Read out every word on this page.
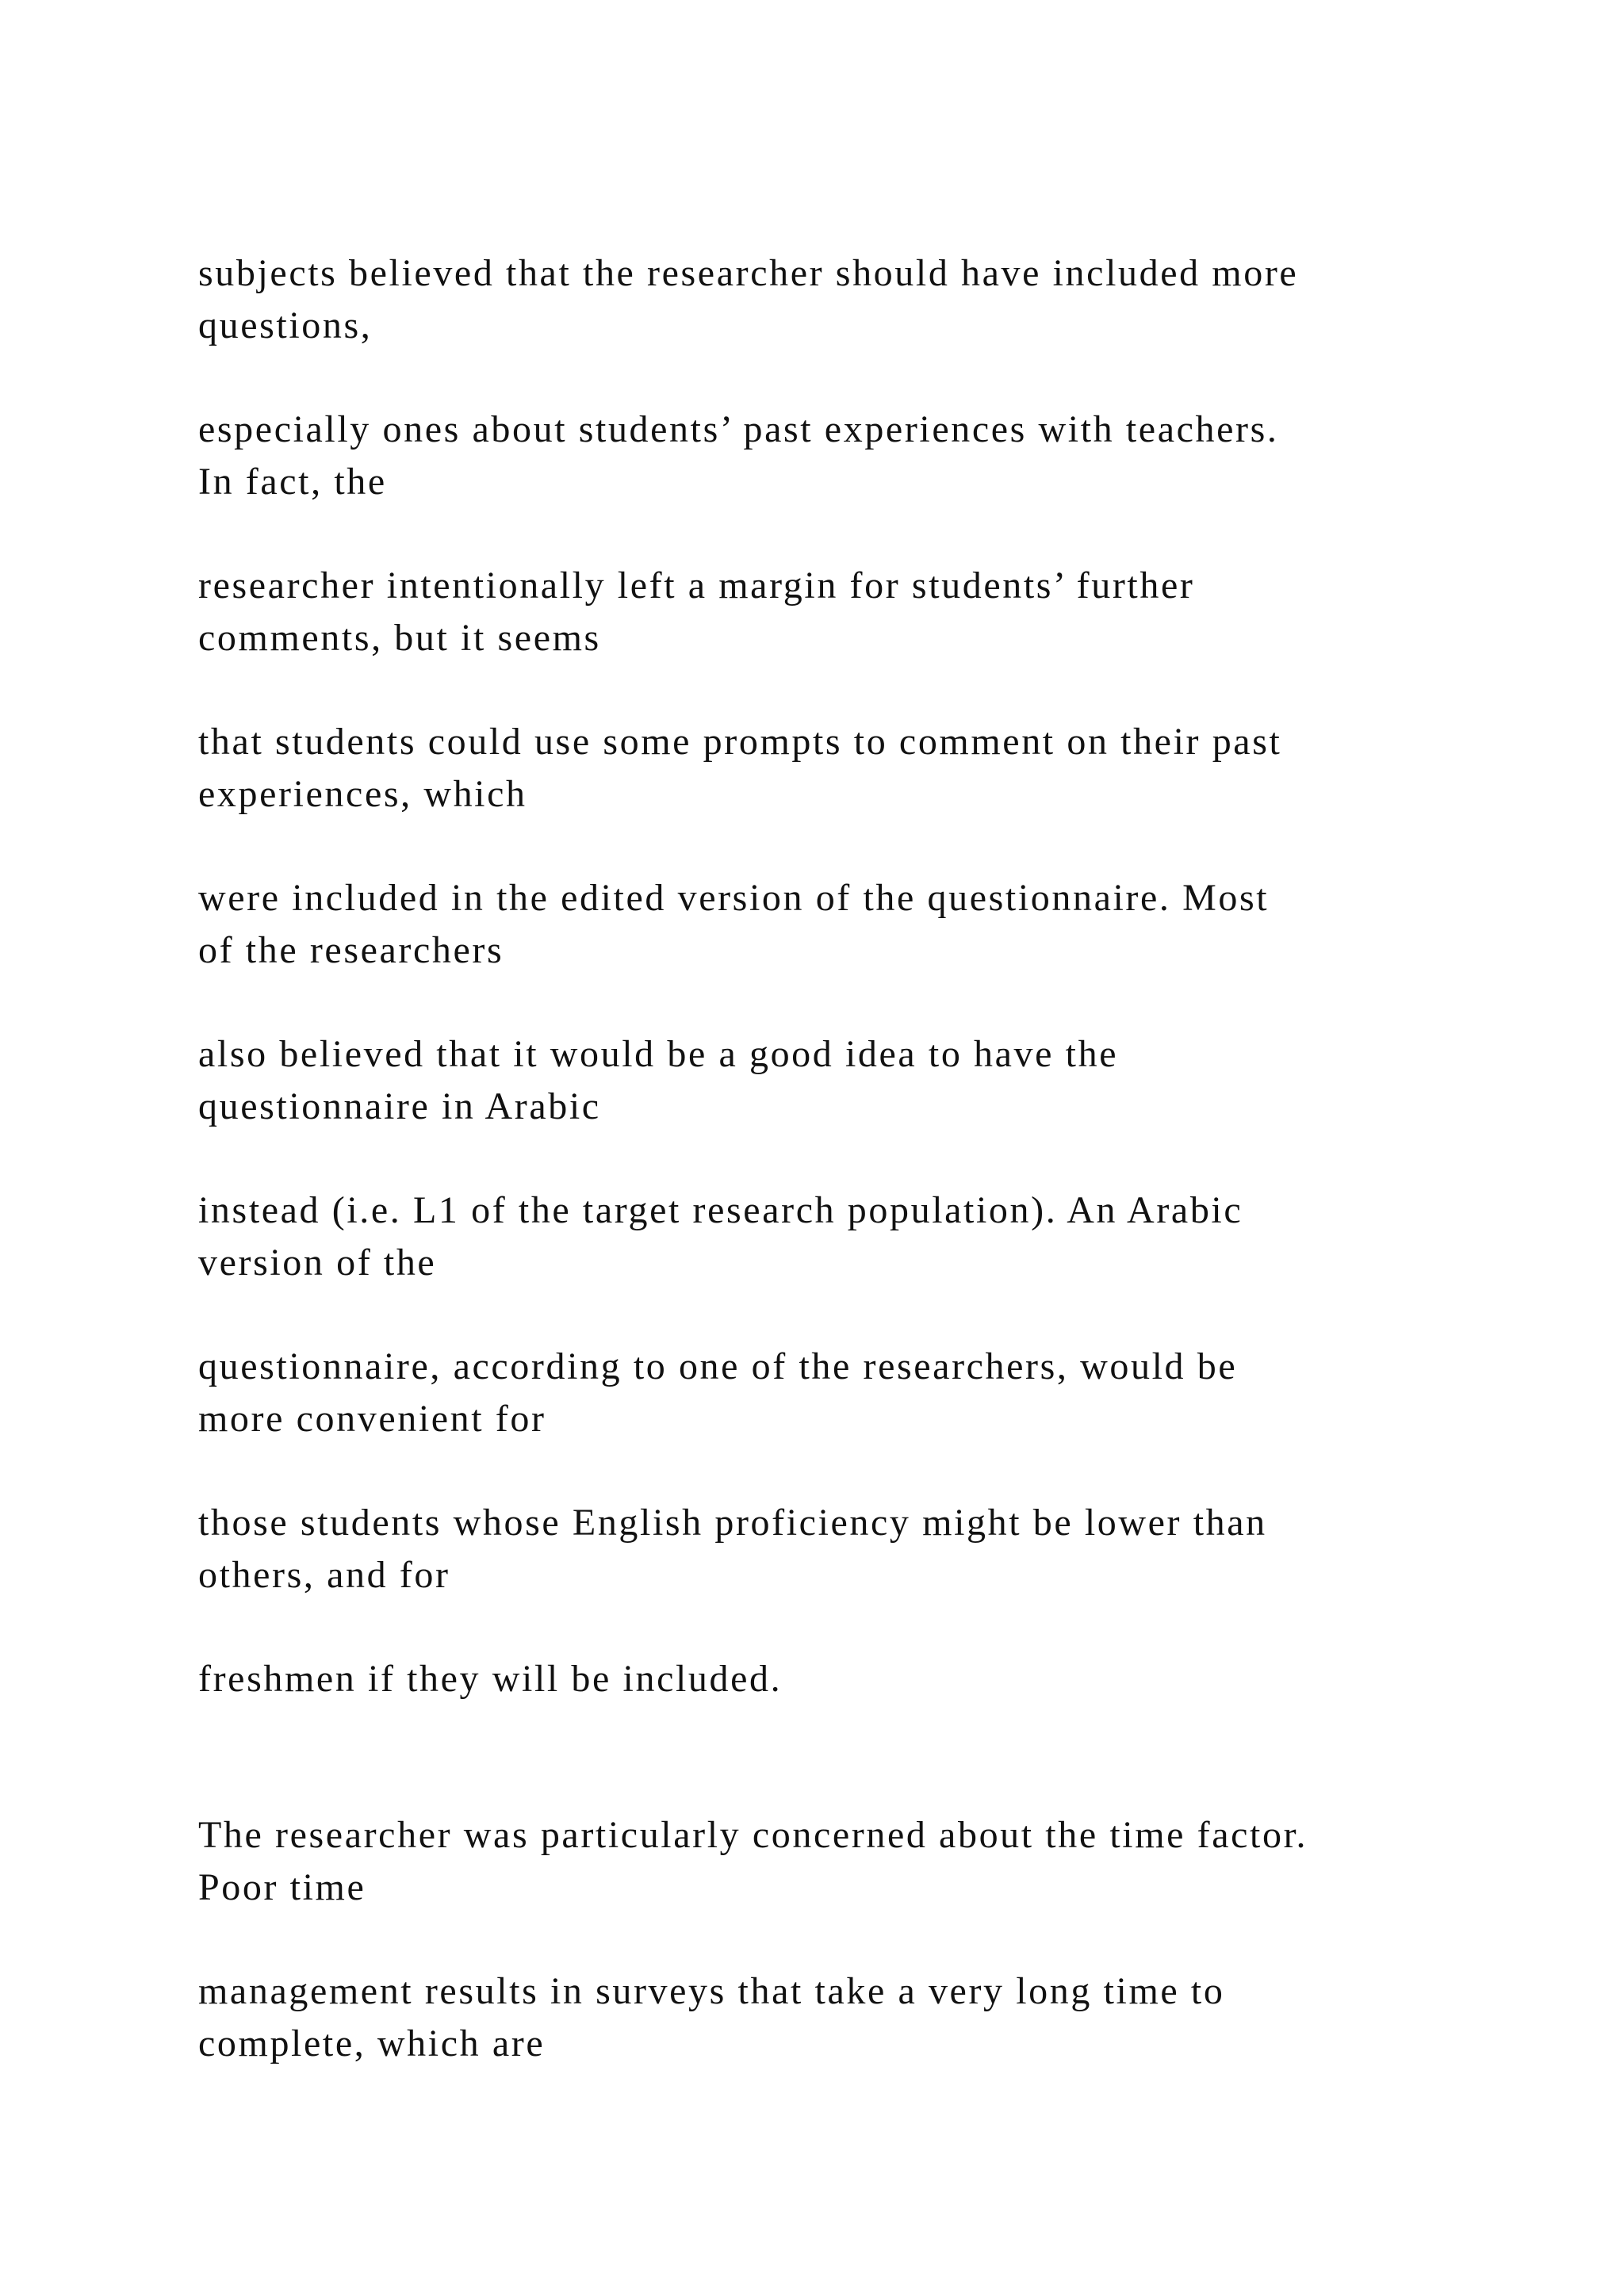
subjects believed that the researcher should have included more
questions,
especially ones about students’ past experiences with teachers.
In fact, the
researcher intentionally left a margin for students’ further
comments, but it seems
that students could use some prompts to comment on their past
experiences, which
were included in the edited version of the questionnaire. Most
of the researchers
also believed that it would be a good idea to have the
questionnaire in Arabic
instead (i.e. L1 of the target research population). An Arabic
version of the
questionnaire, according to one of the researchers, would be
more convenient for
those students whose English proficiency might be lower than
others, and for
freshmen if they will be included.
The researcher was particularly concerned about the time factor.
Poor time
management results in surveys that take a very long time to
complete, which are
